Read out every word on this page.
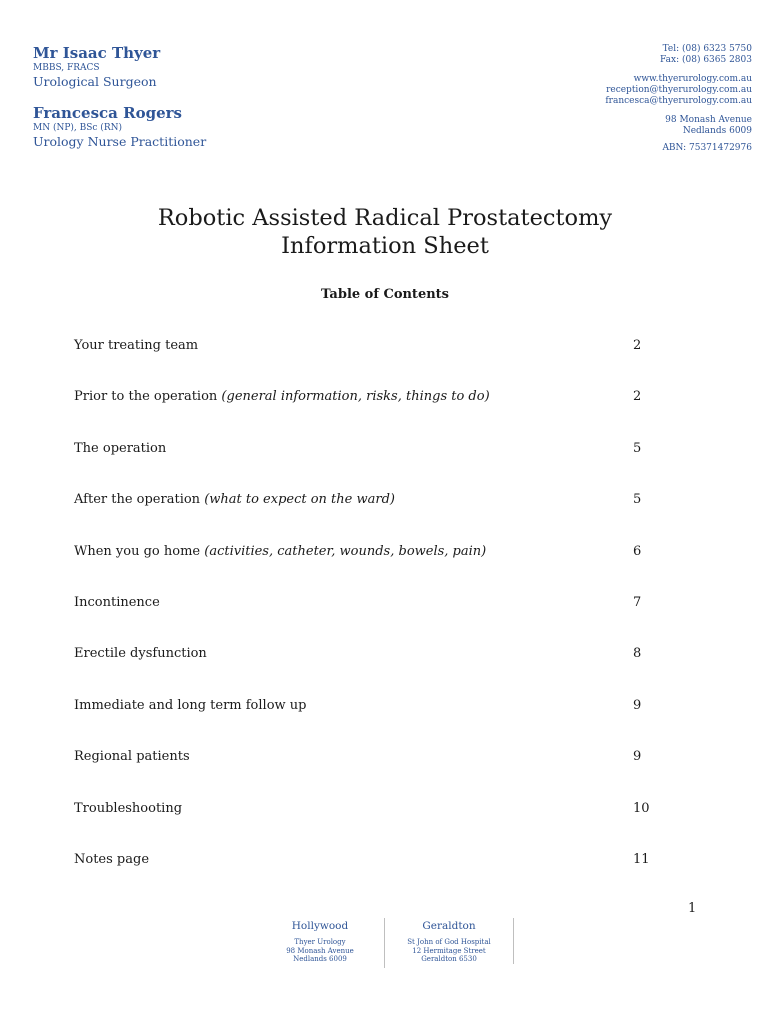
Mr Isaac Thyer
MBBS, FRACS
Urological Surgeon
Francesca Rogers
MN (NP), BSc (RN)
Urology Nurse Practitioner
Tel: (08) 6323 5750
Fax: (08) 6365 2803
www.thyerurology.com.au
reception@thyerurology.com.au
francesca@thyerurology.com.au
98 Monash Avenue
Nedlands 6009
ABN: 75371472976
Robotic Assisted Radical Prostatectomy
Information Sheet
Table of Contents
Your treating team	2
Prior to the operation (general information, risks, things to do)	2
The operation	5
After the operation (what to expect on the ward)	5
When you go home (activities, catheter, wounds, bowels, pain)	6
Incontinence	7
Erectile dysfunction	8
Immediate and long term follow up	9
Regional patients	9
Troubleshooting	10
Notes page	11
1
Hollywood
Thyer Urology
98 Monash Avenue
Nedlands 6009
Geraldton
St John of God Hospital
12 Hermitage Street
Geraldton 6530
